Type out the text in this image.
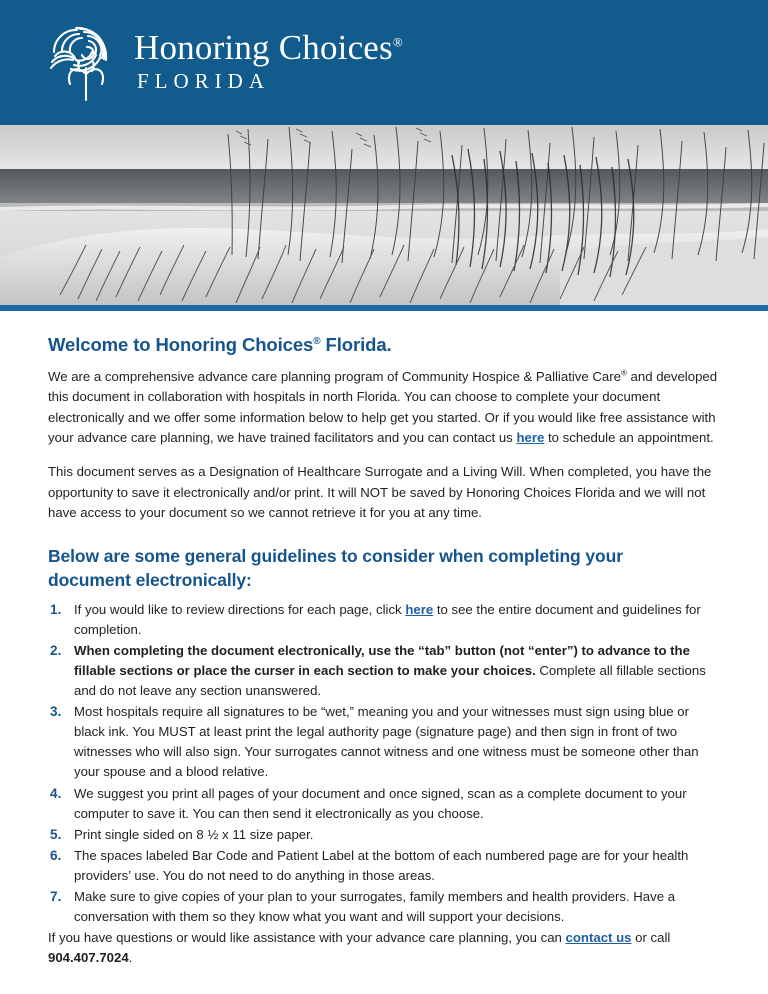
Honoring Choices®
FLORIDA
Welcome to Honoring Choices® Florida.

We are a comprehensive advance care planning program of Community Hospice & Palliative Care® and developed this document in collaboration with hospitals in north Florida. You can choose to complete your document electronically and we offer some information below to help get you started. Or if you would like free assistance with your advance care planning, we have trained facilitators and you can contact us here to schedule an appointment.

This document serves as a Designation of Healthcare Surrogate and a Living Will. When completed, you have the opportunity to save it electronically and/or print. It will NOT be saved by Honoring Choices Florida and we will not have access to your document so we cannot retrieve it for you at any time.

Below are some general guidelines to consider when completing your document electronically:
If you would like to review directions for each page, click here to see the entire document and guidelines for completion.
When completing the document electronically, use the “tab” button (not “enter”) to advance to the fillable sections or place the curser in each section to make your choices. Complete all fillable sections and do not leave any section unanswered.
Most hospitals require all signatures to be “wet,” meaning you and your witnesses must sign using blue or black ink. You MUST at least print the legal authority page (signature page) and then sign in front of two witnesses who will also sign. Your surrogates cannot witness and one witness must be someone other than your spouse and a blood relative.
We suggest you print all pages of your document and once signed, scan as a complete document to your computer to save it. You can then send it electronically as you choose.
Print single sided on 8 ½ x 11 size paper.
The spaces labeled Bar Code and Patient Label at the bottom of each numbered page are for your health providers’ use. You do not need to do anything in those areas.
Make sure to give copies of your plan to your surrogates, family members and health providers. Have a conversation with them so they know what you want and will support your decisions.

If you have questions or would like assistance with your advance care planning, you can contact us or call 904.407.7024.
